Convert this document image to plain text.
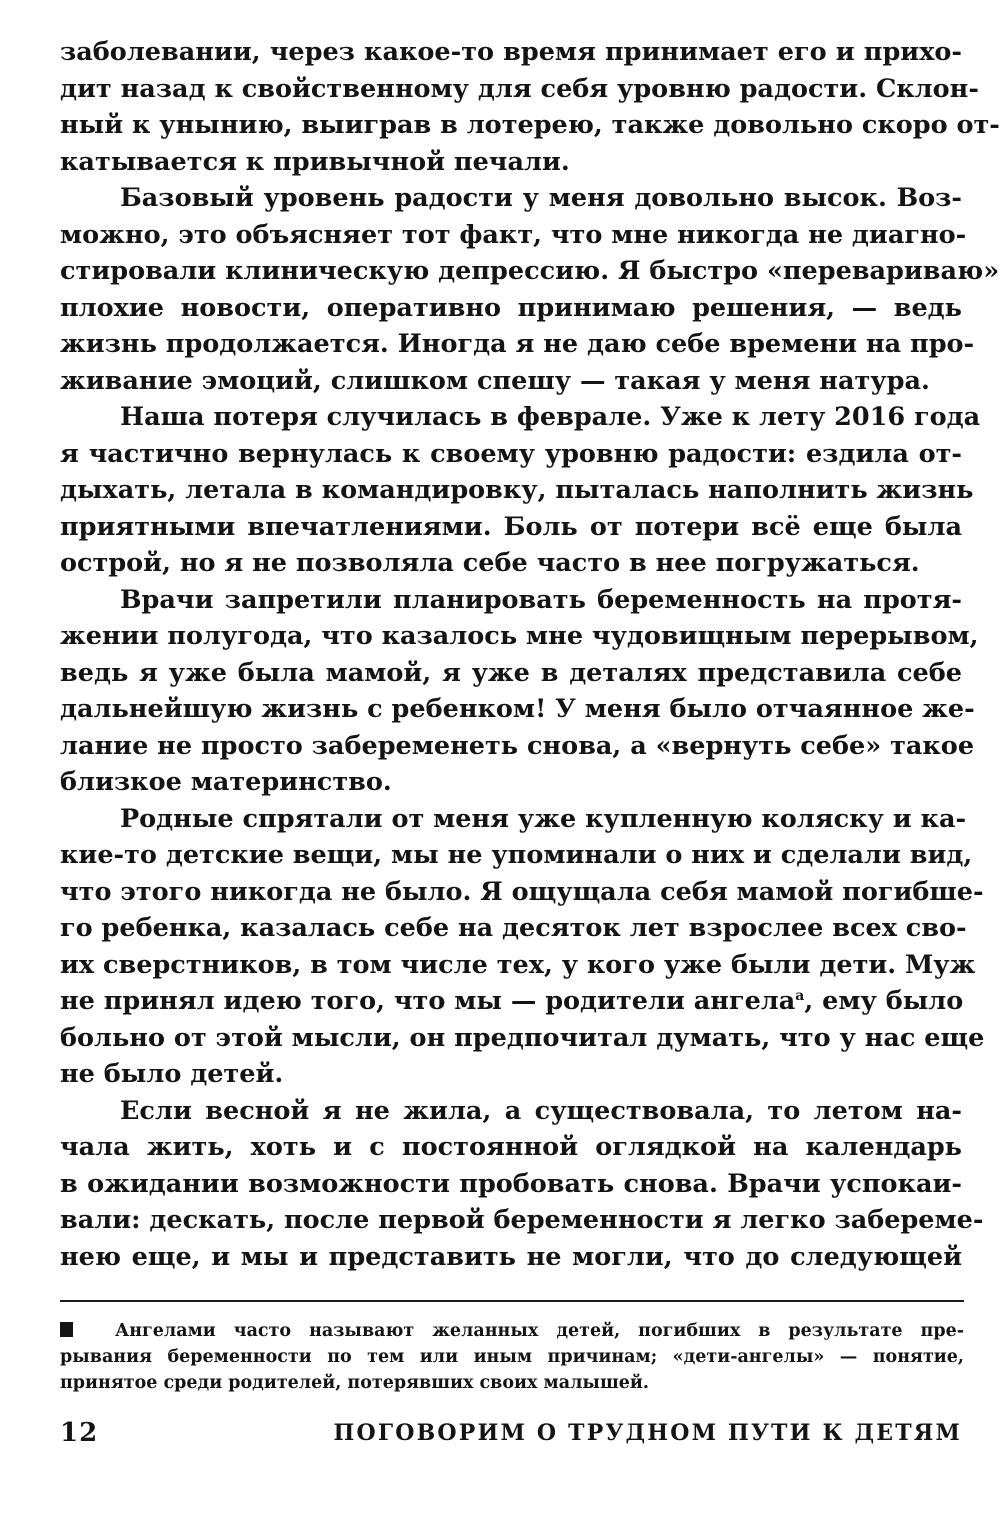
заболевании, через какое-то время принимает его и прихо-
дит назад к свойственному для себя уровню радости. Склон-
ный к унынию, выиграв в лотерею, также довольно скоро от-
катывается к привычной печали.
Базовый уровень радости у меня довольно высок. Воз-
можно, это объясняет тот факт, что мне никогда не диагно-
стировали клиническую депрессию. Я быстро «перевариваю»
плохие новости, оперативно принимаю решения, — ведь
жизнь продолжается. Иногда я не даю себе времени на про-
живание эмоций, слишком спешу — такая у меня натура.
Наша потеря случилась в феврале. Уже к лету 2016 года
я частично вернулась к своему уровню радости: ездила от-
дыхать, летала в командировку, пыталась наполнить жизнь
приятными впечатлениями. Боль от потери всё еще была
острой, но я не позволяла себе часто в нее погружаться.
Врачи запретили планировать беременность на протя-
жении полугода, что казалось мне чудовищным перерывом,
ведь я уже была мамой, я уже в деталях представила себе
дальнейшую жизнь с ребенком! У меня было отчаянное же-
лание не просто забеременеть снова, а «вернуть себе» такое
близкое материнство.
Родные спрятали от меня уже купленную коляску и ка-
кие-то детские вещи, мы не упоминали о них и сделали вид,
что этого никогда не было. Я ощущала себя мамой погибше-
го ребенка, казалась себе на десяток лет взрослее всех сво-
их сверстников, в том числе тех, у кого уже были дети. Муж
не принял идею того, что мы — родители ангела$^a$, ему было
больно от этой мысли, он предпочитал думать, что у нас еще
не было детей.
Если весной я не жила, а существовала, то летом на-
чала жить, хоть и с постоянной оглядкой на календарь
в ожидании возможности пробовать снова. Врачи успокаи-
вали: дескать, после первой беременности я легко забереме-
нею еще, и мы и представить не могли, что до следующей
Ангелами часто называют желанных детей, погибших в результате пре-
рывания беременности по тем или иным причинам; «дети-ангелы» — понятие,
принятое среди родителей, потерявших своих малышей.
12	ПОГОВОРИМ О ТРУДНОМ ПУТИ К ДЕТЯМ
